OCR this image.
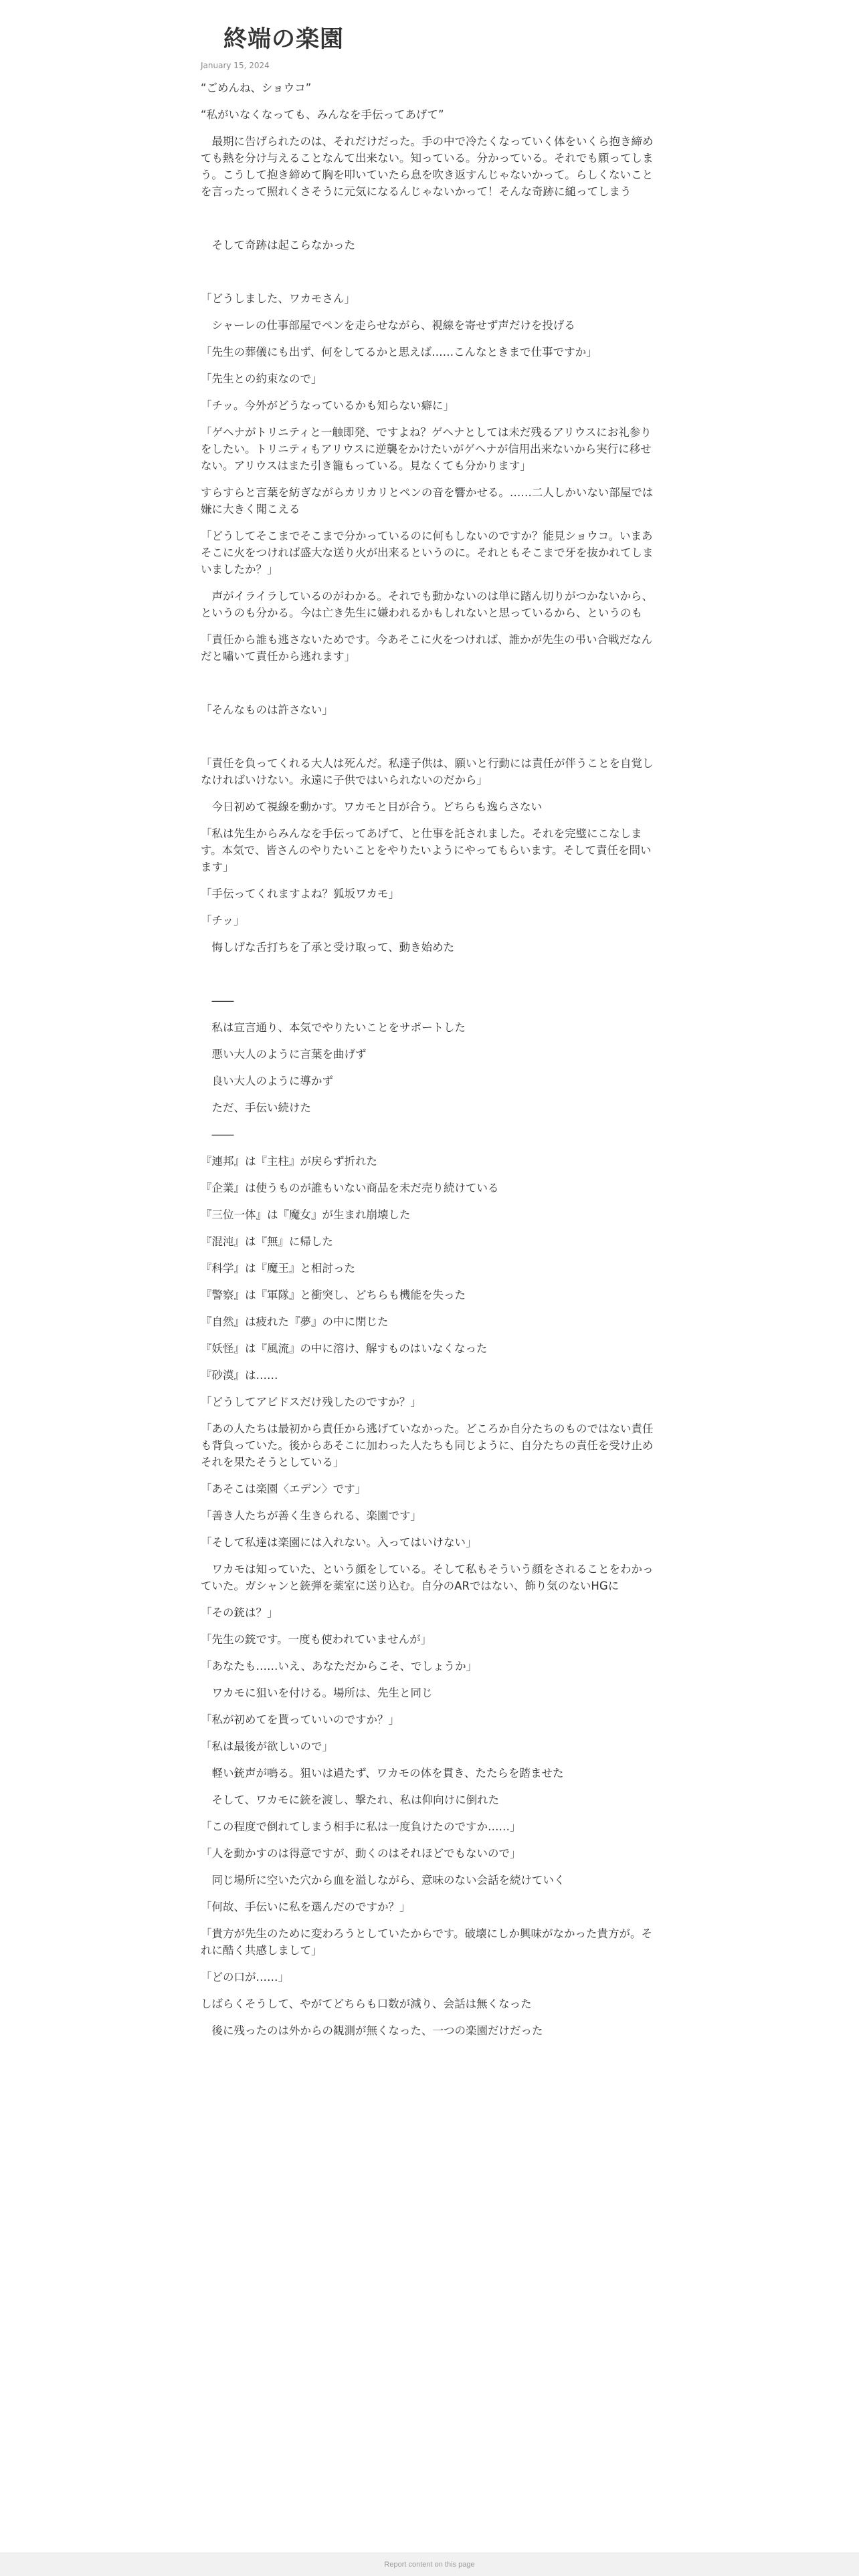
終端の楽園
January 15, 2024

“ごめんね、ショウコ”

“私がいなくなっても、みんなを手伝ってあげて”

　最期に告げられたのは、それだけだった。手の中で冷たくなっていく体をいくら抱き締めても熱を分け与えることなんて出来ない。知っている。分かっている。それでも願ってしまう。こうして抱き締めて胸を叩いていたら息を吹き返すんじゃないかって。らしくないことを言ったって照れくさそうに元気になるんじゃないかって！そんな奇跡に縋ってしまう

　そして奇跡は起こらなかった

「どうしました、ワカモさん」

　シャーレの仕事部屋でペンを走らせながら、視線を寄せず声だけを投げる

「先生の葬儀にも出ず、何をしてるかと思えば……こんなときまで仕事ですか」

「先生との約束なので」

「チッ。今外がどうなっているかも知らない癖に」

「ゲヘナがトリニティと一触即発、ですよね？ゲヘナとしては未だ残るアリウスにお礼参りをしたい。トリニティもアリウスに逆襲をかけたいがゲヘナが信用出来ないから実行に移せない。アリウスはまた引き籠もっている。見なくても分かります」

すらすらと言葉を紡ぎながらカリカリとペンの音を響かせる。……二人しかいない部屋では嫌に大きく聞こえる

「どうしてそこまでそこまで分かっているのに何もしないのですか？能見ショウコ。いまあそこに火をつければ盛大な送り火が出来るというのに。それともそこまで牙を抜かれてしまいましたか？」

　声がイライラしているのがわかる。それでも動かないのは単に踏ん切りがつかないから、というのも分かる。今は亡き先生に嫌われるかもしれないと思っているから、というのも

「責任から誰も逃さないためです。今あそこに火をつければ、誰かが先生の弔い合戦だなんだと嘯いて責任から逃れます」

「そんなものは許さない」

「責任を負ってくれる大人は死んだ。私達子供は、願いと行動には責任が伴うことを自覚しなければいけない。永遠に子供ではいられないのだから」

　今日初めて視線を動かす。ワカモと目が合う。どちらも逸らさない

「私は先生からみんなを手伝ってあげて、と仕事を託されました。それを完璧にこなします。本気で、皆さんのやりたいことをやりたいようにやってもらいます。そして責任を問います」

「手伝ってくれますよね？狐坂ワカモ」

「チッ」

　悔しげな舌打ちを了承と受け取って、動き始めた

　――

　私は宣言通り、本気でやりたいことをサポートした

　悪い大人のように言葉を曲げず

　良い大人のように導かず

　ただ、手伝い続けた

　――

『連邦』は『主柱』が戻らず折れた

『企業』は使うものが誰もいない商品を未だ売り続けている

『三位一体』は『魔女』が生まれ崩壊した

『混沌』は『無』に帰した

『科学』は『魔王』と相討った

『警察』は『軍隊』と衝突し、どちらも機能を失った

『自然』は疲れた『夢』の中に閉じた

『妖怪』は『風流』の中に溶け、解すものはいなくなった

『砂漠』は……

「どうしてアビドスだけ残したのですか？」

「あの人たちは最初から責任から逃げていなかった。どころか自分たちのものではない責任も背負っていた。後からあそこに加わった人たちも同じように、自分たちの責任を受け止めそれを果たそうとしている」

「あそこは楽園〈エデン〉です」

「善き人たちが善く生きられる、楽園です」

「そして私達は楽園には入れない。入ってはいけない」

　ワカモは知っていた、という顔をしている。そして私もそういう顔をされることをわかっていた。ガシャンと銃弾を薬室に送り込む。自分のARではない、飾り気のないHGに

「その銃は？」

「先生の銃です。一度も使われていませんが」

「あなたも……いえ、あなただからこそ、でしょうか」

　ワカモに狙いを付ける。場所は、先生と同じ

「私が初めてを貰っていいのですか？」

「私は最後が欲しいので」

　軽い銃声が鳴る。狙いは過たず、ワカモの体を貫き、たたらを踏ませた

　そして、ワカモに銃を渡し、撃たれ、私は仰向けに倒れた

「この程度で倒れてしまう相手に私は一度負けたのですか……」

「人を動かすのは得意ですが、動くのはそれほどでもないので」

　同じ場所に空いた穴から血を溢しながら、意味のない会話を続けていく

「何故、手伝いに私を選んだのですか？」

「貴方が先生のために変わろうとしていたからです。破壊にしか興味がなかった貴方が。それに酷く共感しまして」

「どの口が……」

しばらくそうして、やがてどちらも口数が減り、会話は無くなった

　後に残ったのは外からの観測が無くなった、一つの楽園だけだった

Report content on this page
